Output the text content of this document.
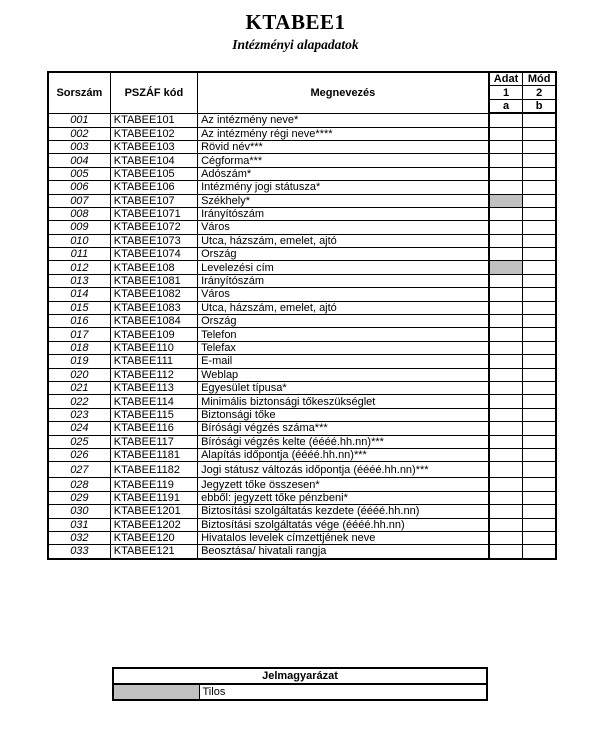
KTABEE1
Intézményi alapadatok
Sorszám	PSZÁF kód	Megnevezés	Adat	Mód
			1	2
			a	b
001	KTABEE101	Az intézmény neve*		
002	KTABEE102	Az intézmény régi neve****		
003	KTABEE103	Rövid név***		
004	KTABEE104	Cégforma***		
005	KTABEE105	Adószám*		
006	KTABEE106	Intézmény jogi státusza*		
007	KTABEE107	Székhely*		
008	KTABEE1071	Irányítószám		
009	KTABEE1072	Város		
010	KTABEE1073	Utca, házszám, emelet, ajtó		
011	KTABEE1074	Ország		
012	KTABEE108	Levelezési cím		
013	KTABEE1081	Irányítószám		
014	KTABEE1082	Város		
015	KTABEE1083	Utca, házszám, emelet, ajtó		
016	KTABEE1084	Ország		
017	KTABEE109	Telefon		
018	KTABEE110	Telefax		
019	KTABEE111	E-mail		
020	KTABEE112	Weblap		
021	KTABEE113	Egyesület típusa*		
022	KTABEE114	Minimális biztonsági tőkeszükséglet		
023	KTABEE115	Biztonsági tőke		
024	KTABEE116	Bírósági végzés száma***		
025	KTABEE117	Bírósági végzés kelte (éééé.hh.nn)***		
026	KTABEE1181	Alapítás időpontja (éééé.hh.nn)***		
027	KTABEE1182	Jogi státusz változás időpontja (éééé.hh.nn)***		
028	KTABEE119	Jegyzett tőke összesen*		
029	KTABEE1191	ebből: jegyzett tőke pénzbeni*		
030	KTABEE1201	Biztosítási szolgáltatás kezdete (éééé.hh.nn)		
031	KTABEE1202	Biztosítási szolgáltatás vége (éééé.hh.nn)		
032	KTABEE120	Hivatalos levelek címzettjének neve		
033	KTABEE121	Beosztása/ hivatali rangja		
Jelmagyarázat
	Tilos
